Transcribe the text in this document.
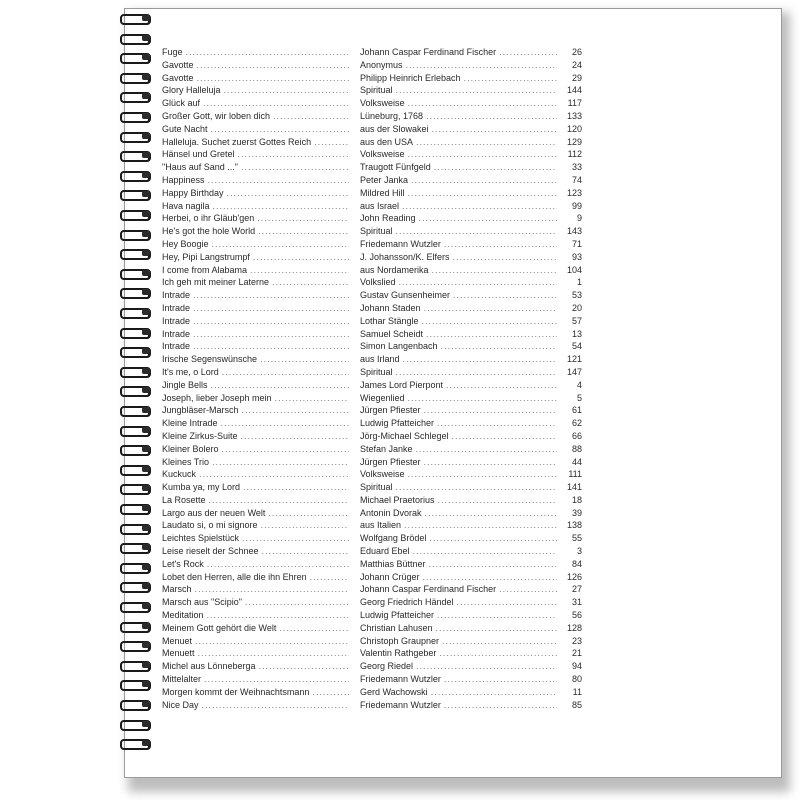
Fuge .....	Johann Caspar Ferdinand Fischer .....	26
Gavotte .....	Anonymus .....	24
Gavotte .....	Philipp Heinrich Erlebach .....	29
Glory Halleluja .....	Spiritual .....	144
Glück auf .....	Volksweise .....	117
Großer Gott, wir loben dich .....	Lüneburg, 1768 .....	133
Gute Nacht .....	aus der Slowakei .....	120
Halleluja. Suchet zuerst Gottes Reich .....	aus den USA .....	129
Hänsel und Gretel .....	Volksweise .....	112
"Haus auf Sand ..." .....	Traugott Fünfgeld .....	33
Happiness .....	Peter Janka .....	74
Happy Birthday .....	Mildred Hill .....	123
Hava nagila .....	aus Israel .....	99
Herbei, o ihr Gläub'gen .....	John Reading .....	9
He's got the hole World .....	Spiritual .....	143
Hey Boogie .....	Friedemann Wutzler .....	71
Hey, Pipi Langstrumpf .....	J. Johansson/K. Elfers .....	93
I come from Alabama .....	aus Nordamerika .....	104
Ich geh mit meiner Laterne .....	Volkslied .....	1
Intrade .....	Gustav Gunsenheimer .....	53
Intrade .....	Johann Staden .....	20
Intrade .....	Lothar Stängle .....	57
Intrade .....	Samuel Scheidt .....	13
Intrade .....	Simon Langenbach .....	54
Irische Segenswünsche .....	aus Irland .....	121
It's me, o Lord .....	Spiritual .....	147
Jingle Bells .....	James Lord Pierpont .....	4
Joseph, lieber Joseph mein .....	Wiegenlied .....	5
Jungbläser-Marsch .....	Jürgen Pfiester .....	61
Kleine Intrade .....	Ludwig Pfatteicher .....	62
Kleine Zirkus-Suite .....	Jörg-Michael Schlegel .....	66
Kleiner Bolero .....	Stefan Janke .....	88
Kleines Trio .....	Jürgen Pfiester .....	44
Kuckuck .....	Volksweise .....	111
Kumba ya, my Lord .....	Spiritual .....	141
La Rosette .....	Michael Praetorius .....	18
Largo aus der neuen Welt .....	Antonin Dvorak .....	39
Laudato si, o mi signore .....	aus Italien .....	138
Leichtes Spielstück .....	Wolfgang Brödel .....	55
Leise rieselt der Schnee .....	Eduard Ebel .....	3
Let's Rock .....	Matthias Büttner .....	84
Lobet den Herren, alle die ihn Ehren .....	Johann Crüger .....	126
Marsch .....	Johann Caspar Ferdinand Fischer .....	27
Marsch aus "Scipio" .....	Georg Friedrich Händel .....	31
Meditation .....	Ludwig Pfatteicher .....	56
Meinem Gott gehört die Welt .....	Christian Lahusen .....	128
Menuet .....	Christoph Graupner .....	23
Menuett .....	Valentin Rathgeber .....	21
Michel aus Lönneberga .....	Georg Riedel .....	94
Mittelalter .....	Friedemann Wutzler .....	80
Morgen kommt der Weihnachtsmann .....	Gerd Wachowski .....	11
Nice Day .....	Friedemann Wutzler .....	85
